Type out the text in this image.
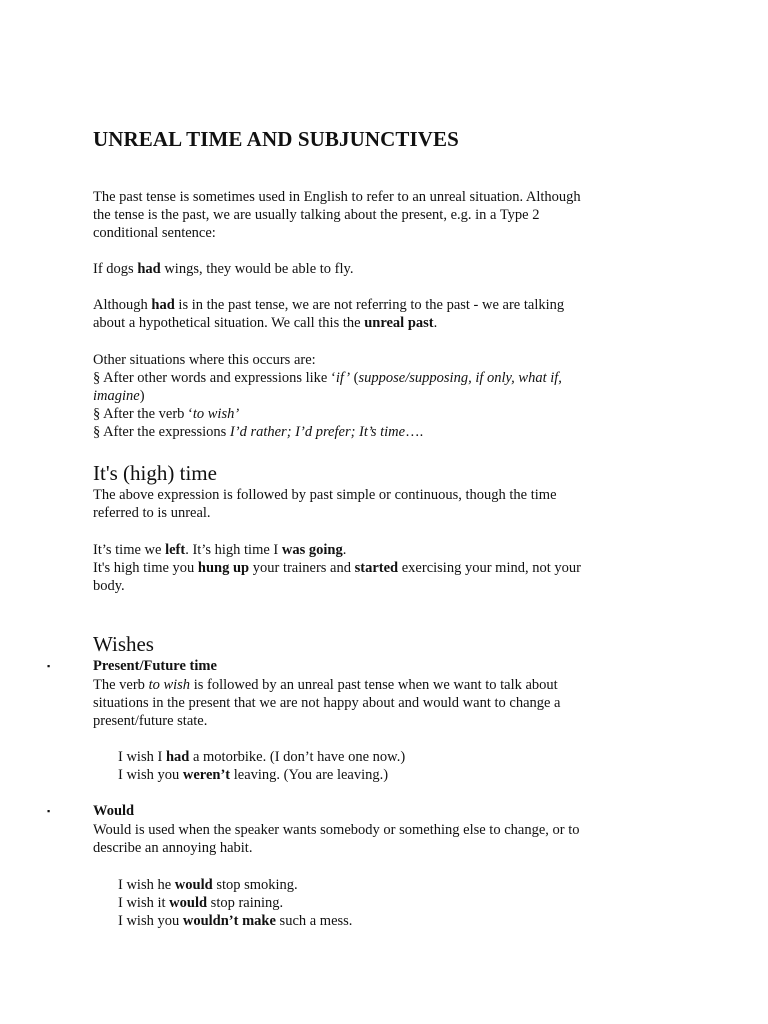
UNREAL TIME AND SUBJUNCTIVES

The past tense is sometimes used in English to refer to an unreal situation. Although

the tense is the past, we are usually talking about the present, e.g. in a Type 2

conditional sentence:

If dogs had wings, they would be able to fly.

Although had is in the past tense, we are not referring to the past - we are talking

about a hypothetical situation. We call this the unreal past.

Other situations where this occurs are:

§ After other words and expressions like ‘if’ (suppose/supposing, if only, what if,

imagine)

§ After the verb ‘to wish’

§ After the expressions I’d rather; I’d prefer; It’s time….

It's (high) time

The above expression is followed by past simple or continuous, though the time

referred to is unreal.

It’s time we left. It’s high time I was going.

It's high time you hung up your trainers and started exercising your mind, not your

body.

Wishes
▪	Present/Future time

The verb to wish is followed by an unreal past tense when we want to talk about

situations in the present that we are not happy about and would want to change a

present/future state.

I wish I had a motorbike. (I don’t have one now.)

I wish you weren’t leaving. (You are leaving.)

▪	Would

Would is used when the speaker wants somebody or something else to change, or to

describe an annoying habit.

I wish he would stop smoking.

I wish it would stop raining.

I wish you wouldn’t make such a mess.
